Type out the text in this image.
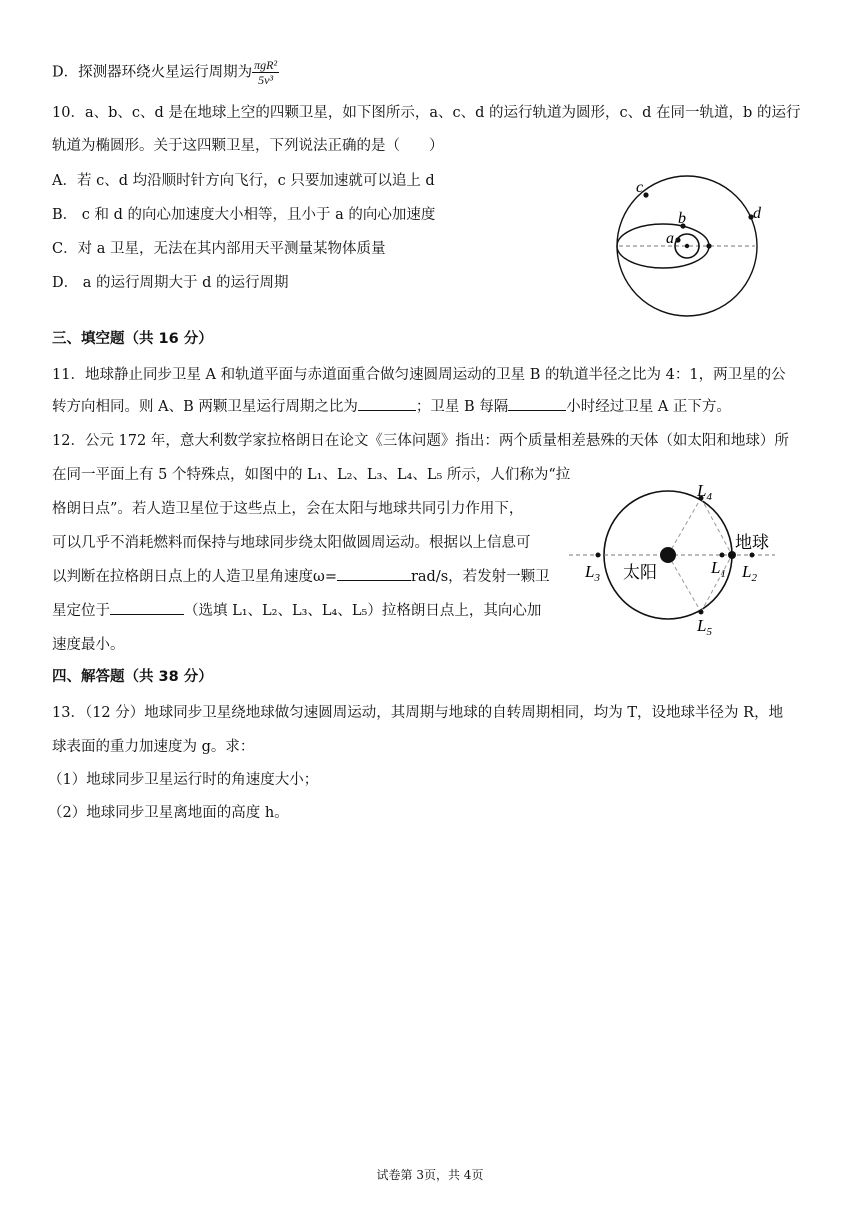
D．探测器环绕火星运行周期为 $\frac{\text{πgR²}}{\text{5v³}}$
10．a、b、c、d 是在地球上空的四颗卫星，如下图所示，a、c、d 的运行轨道为圆形，c、d 在同一轨道，b 的运行
轨道为椭圆形。关于这四颗卫星，下列说法正确的是（　　）
A．若 c、d 均沿顺时针方向飞行，c 只要加速就可以追上 d
B． c 和 d 的向心加速度大小相等，且小于 a 的向心加速度
C．对 a 卫星，无法在其内部用天平测量某物体质量
D． a 的运行周期大于 d 的运行周期
c
b
a
d
三、填空题（共 16 分）
11．地球静止同步卫星 A 和轨道平面与赤道面重合做匀速圆周运动的卫星 B 的轨道半径之比为 4：1，两卫星的公
转方向相同。则 A、B 两颗卫星运行周期之比为	；卫星 B 每隔	小时经过卫星 A 正下方。
12．公元 172 年，意大利数学家拉格朗日在论文《三体问题》指出：两个质量相差悬殊的天体（如太阳和地球）所
在同一平面上有 5 个特殊点，如图中的 L₁、L₂、L₃、L₄、L₅ 所示，人们称为“拉
格朗日点”。若人造卫星位于这些点上，会在太阳与地球共同引力作用下，
可以几乎不消耗燃料而保持与地球同步绕太阳做圆周运动。根据以上信息可
以判断在拉格朗日点上的人造卫星角速度ω=	rad/s，若发射一颗卫
星定位于	（选填 L₁、L₂、L₃、L₄、L₅）拉格朗日点上，其向心加
速度最小。
$L_4$
$L_5$
$L_3$
$L_1$ $L_2$
太阳
地球
四、解答题（共 38 分）
13．（12 分）地球同步卫星绕地球做匀速圆周运动，其周期与地球的自转周期相同，均为 T，设地球半径为 R，地
球表面的重力加速度为 g。求：
（1）地球同步卫星运行时的角速度大小；
（2）地球同步卫星离地面的高度 h。
试卷第 3页，共 4页
